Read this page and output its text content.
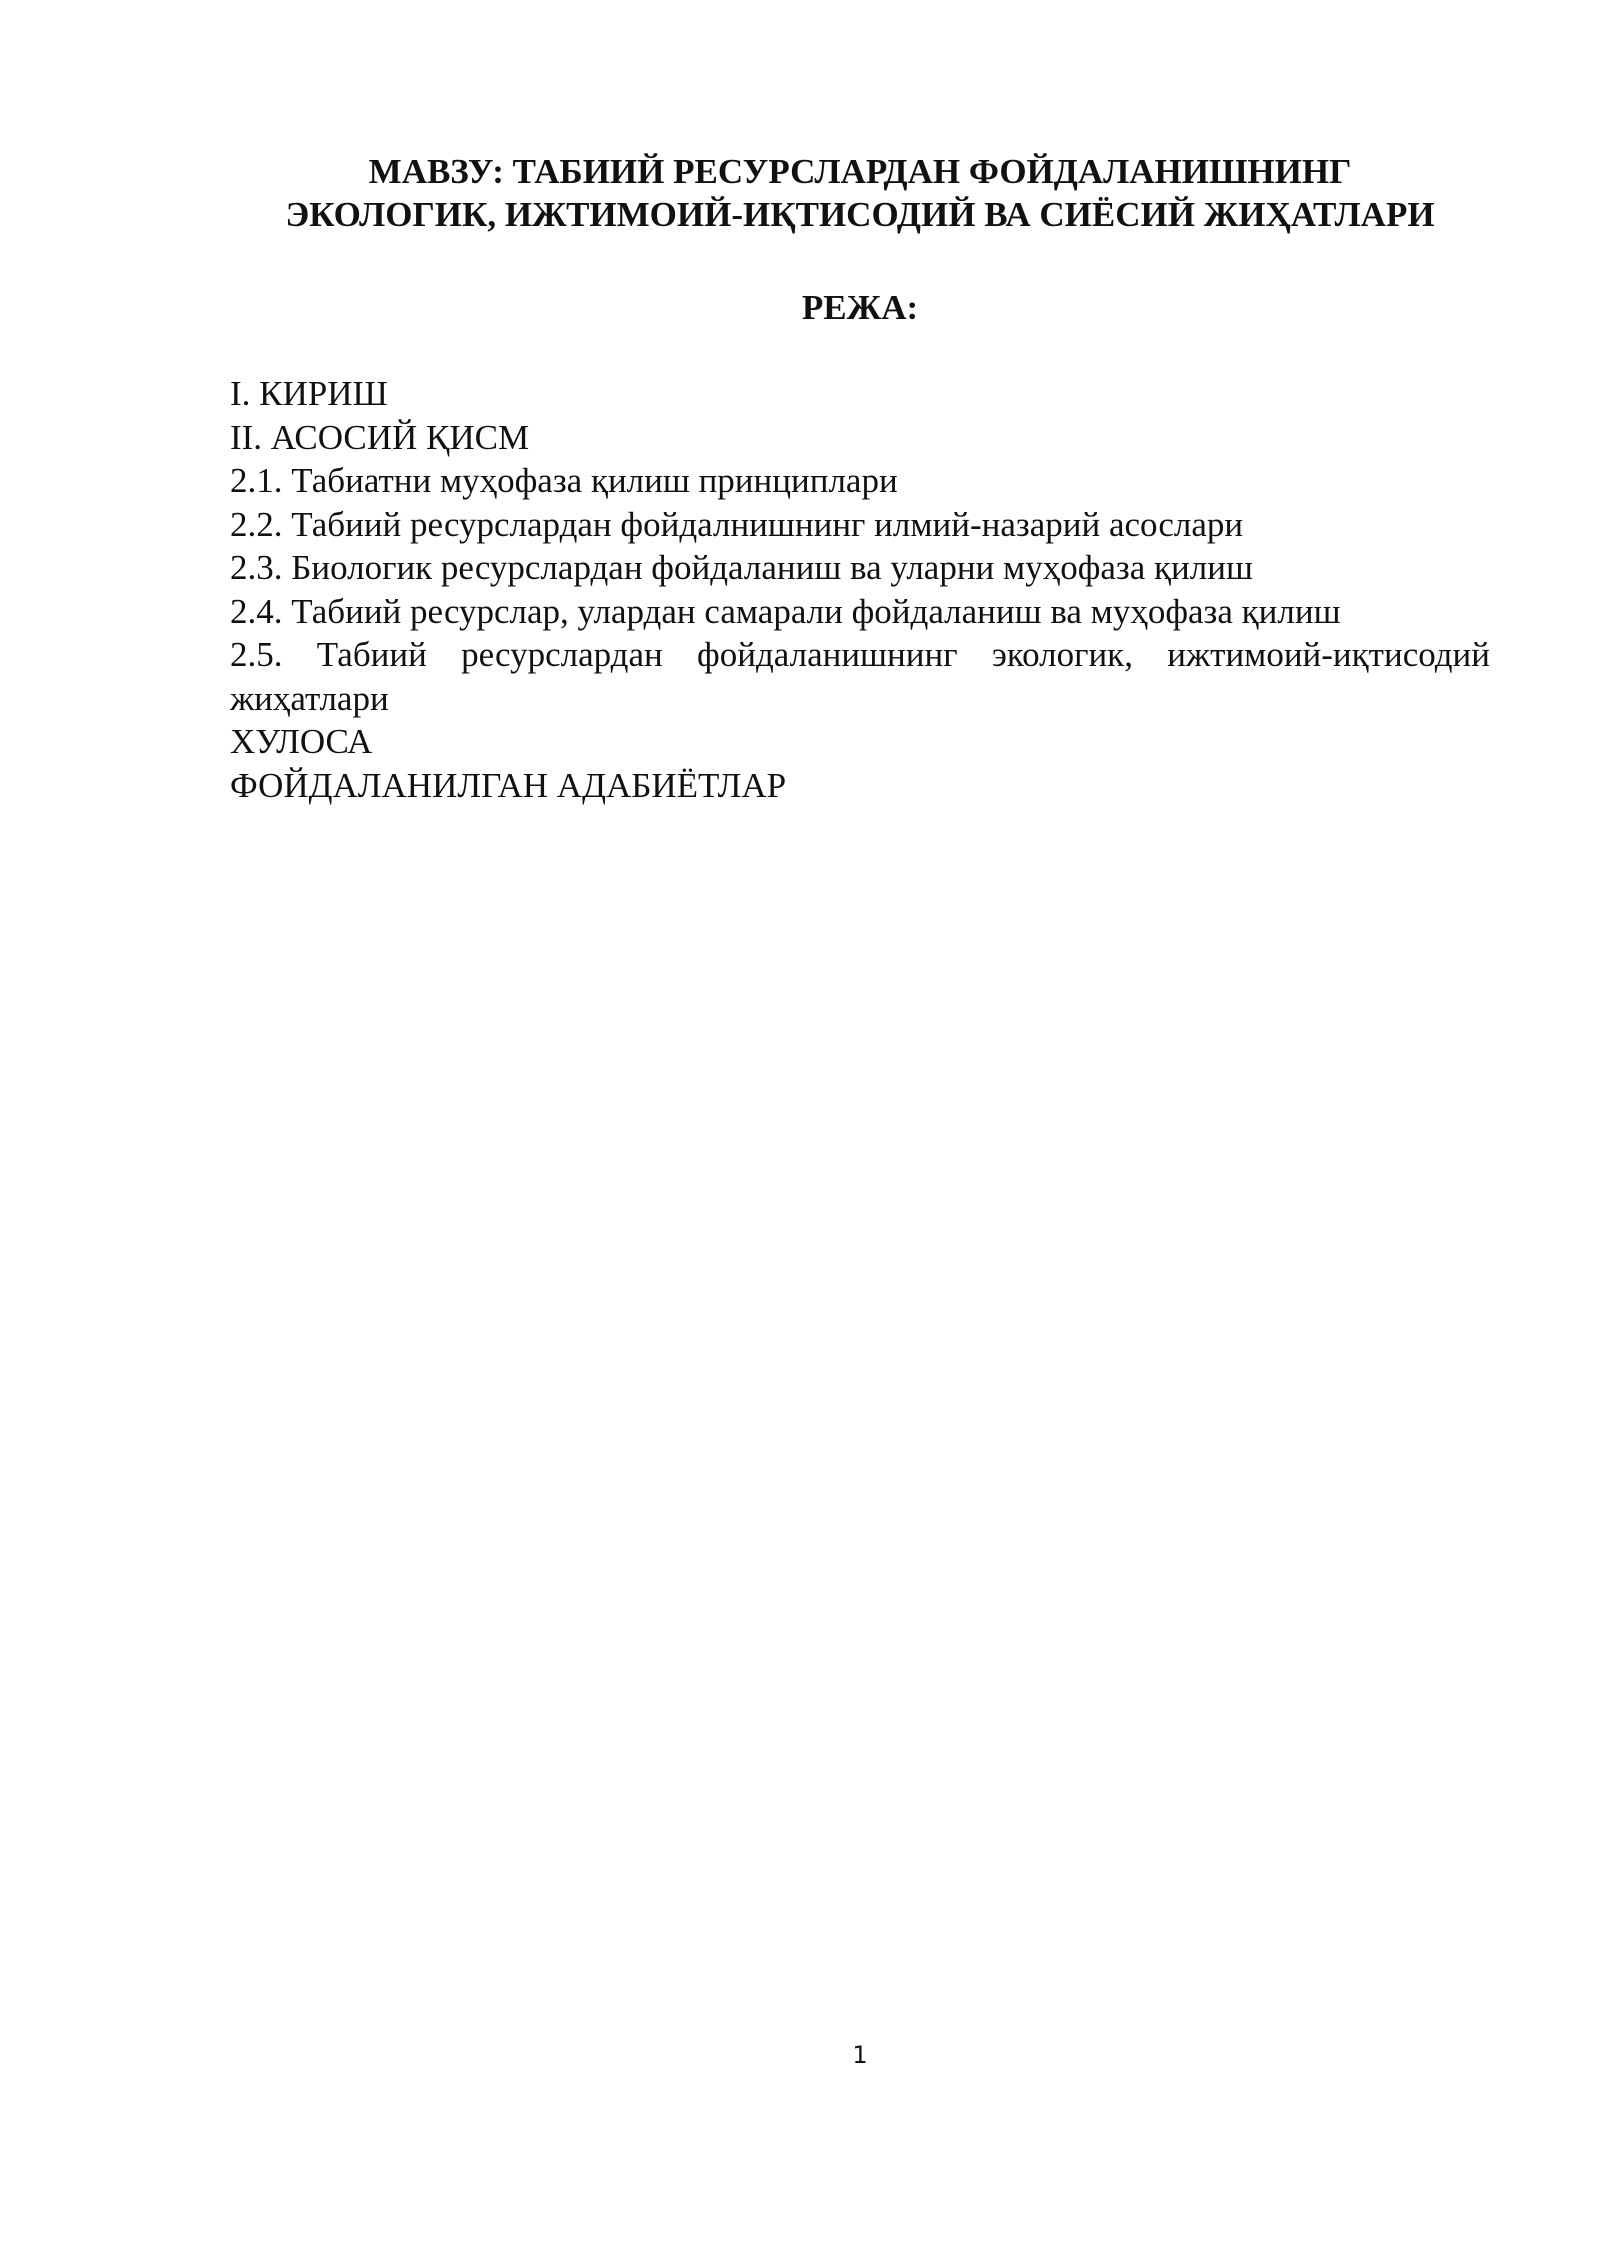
МАВЗУ: ТАБИИЙ РЕСУРСЛАРДАН ФОЙДАЛАНИШНИНГ
ЭКОЛОГИК, ИЖТИМОИЙ-ИҚТИСОДИЙ ВА СИЁСИЙ ЖИҲАТЛАРИ
РЕЖА:
I. КИРИШ
II. АСОСИЙ ҚИСМ
2.1. Табиатни муҳофаза қилиш принциплари
2.2. Табиий ресурслардан фойдалнишнинг илмий-назарий асослари
2.3. Биологик ресурслардан фойдаланиш ва уларни муҳофаза қилиш
2.4. Табиий ресурслар, улардан самарали фойдаланиш ва муҳофаза қилиш
2.5. Табиий ресурслардан фойдаланишнинг экологик, ижтимоий-иқтисодий жиҳатлари
ХУЛОСА
ФОЙДАЛАНИЛГАН АДАБИЁТЛАР
1
